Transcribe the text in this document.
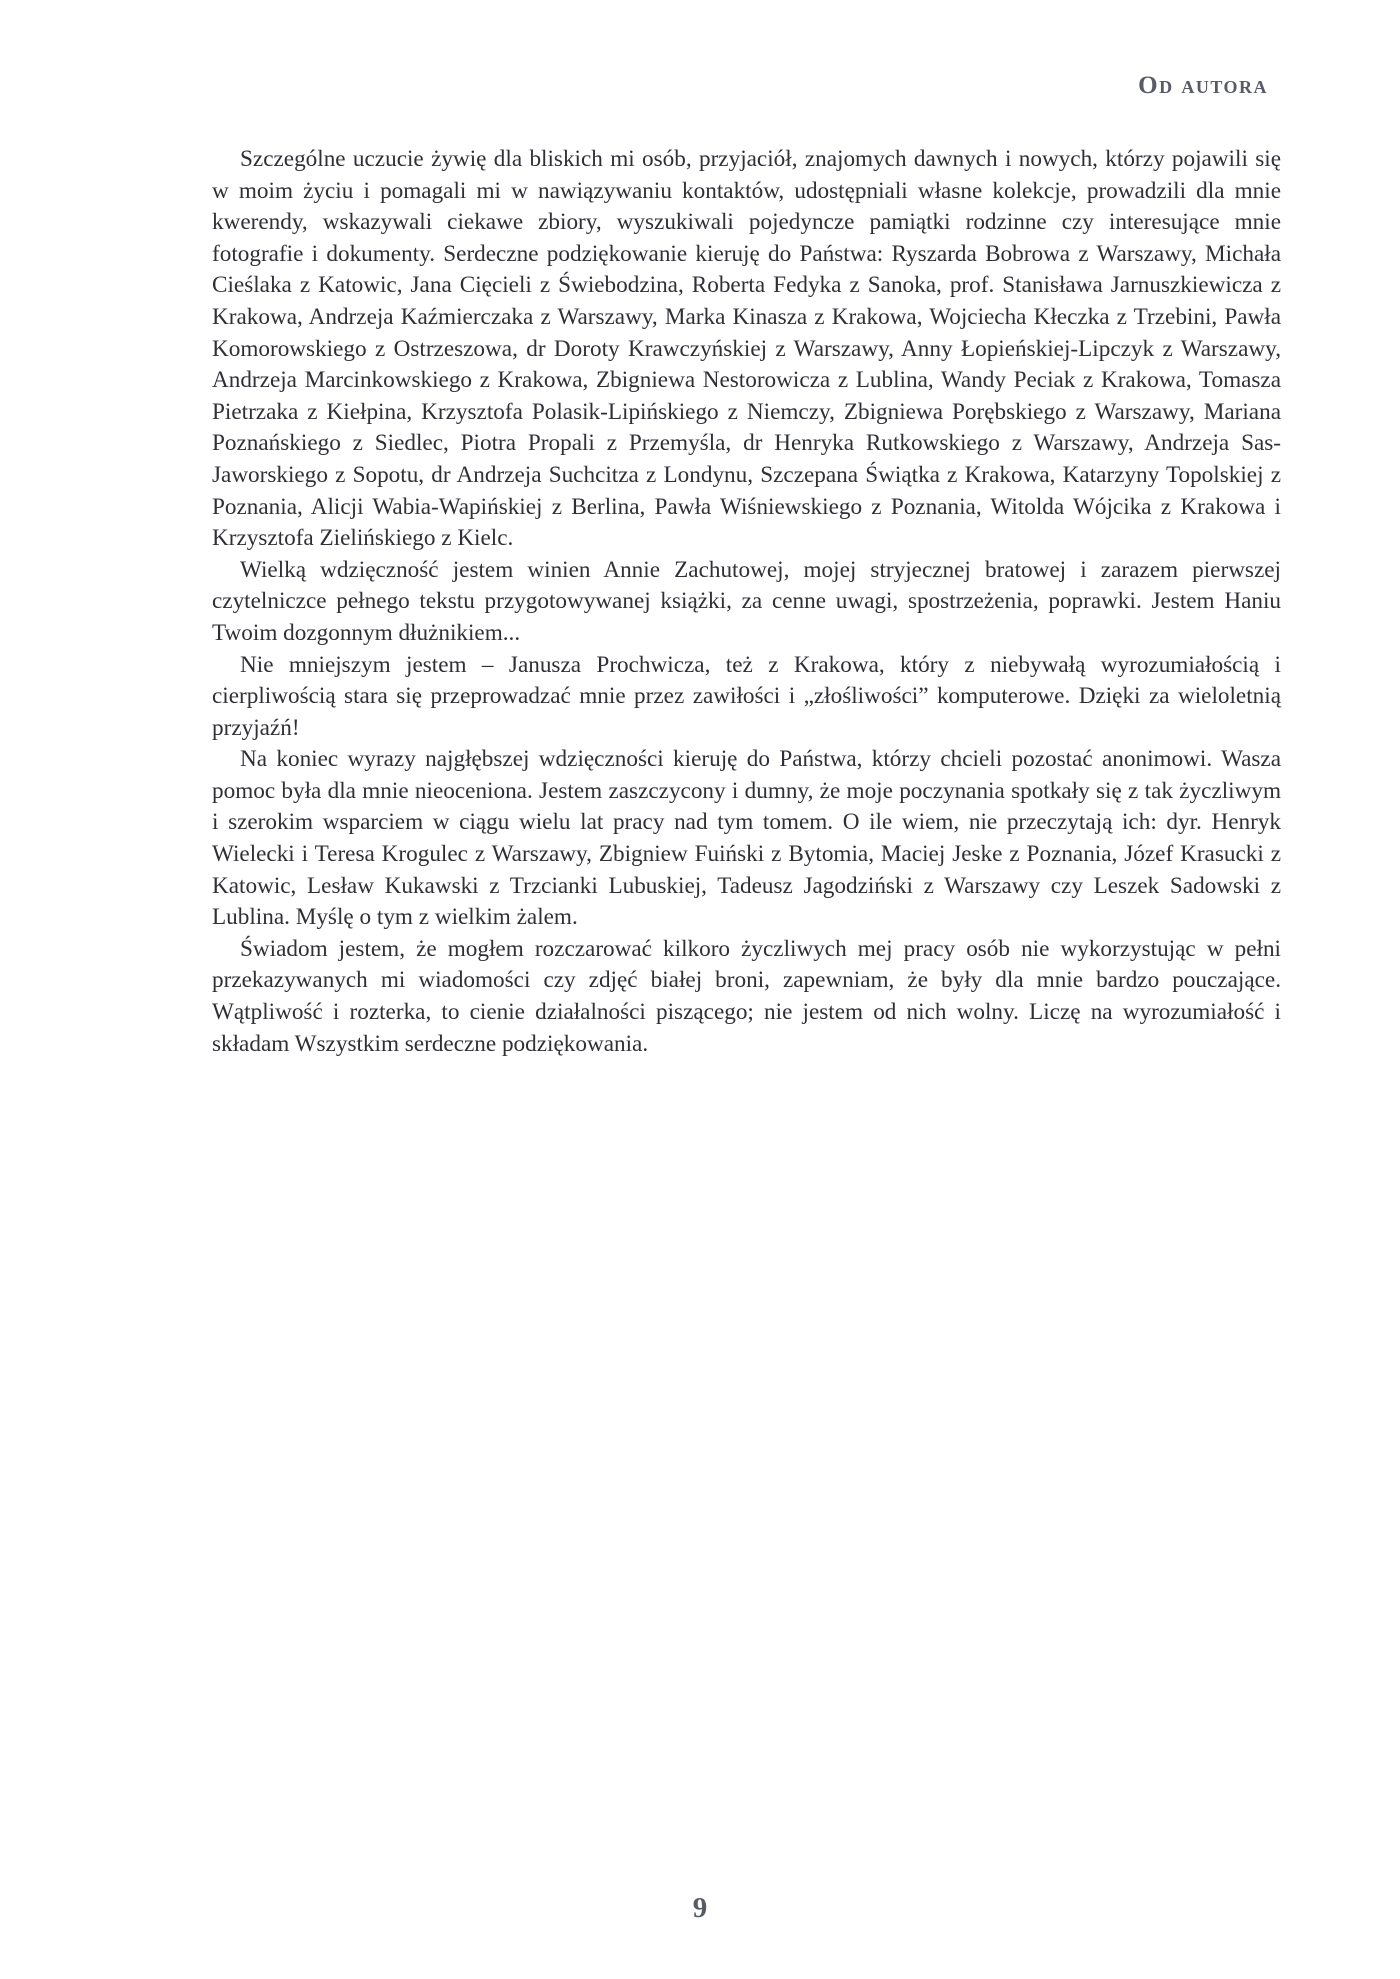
Od autora

Szczególne uczucie żywię dla bliskich mi osób, przyjaciół, znajomych dawnych i nowych, którzy pojawili się w moim życiu i pomagali mi w nawiązywaniu kontaktów, udostępniali własne kolekcje, prowadzili dla mnie kwerendy, wskazywali ciekawe zbiory, wyszukiwali pojedyncze pamiątki rodzinne czy interesujące mnie fotografie i dokumenty. Serdeczne podziękowanie kieruję do Państwa: Ryszarda Bobrowa z Warszawy, Michała Cieślaka z Katowic, Jana Cięcieli z Świebodzina, Roberta Fedyka z Sanoka, prof. Stanisława Jarnuszkiewicza z Krakowa, Andrzeja Kaźmierczaka z Warszawy, Marka Kinasza z Krakowa, Wojciecha Kłeczka z Trzebini, Pawła Komorowskiego z Ostrzeszowa, dr Doroty Krawczyńskiej z Warszawy, Anny Łopieńskiej-Lipczyk z Warszawy, Andrzeja Marcinkowskiego z Krakowa, Zbigniewa Nestorowicza z Lublina, Wandy Peciak z Krakowa, Tomasza Pietrzaka z Kiełpina, Krzysztofa Polasik-Lipińskiego z Niemczy, Zbigniewa Porębskiego z Warszawy, Mariana Poznańskiego z Siedlec, Piotra Propali z Przemyśla, dr Henryka Rutkowskiego z Warszawy, Andrzeja Sas-Jaworskiego z Sopotu, dr Andrzeja Suchcitza z Londynu, Szczepana Świątka z Krakowa, Katarzyny Topolskiej z Poznania, Alicji Wabia-Wapińskiej z Berlina, Pawła Wiśniewskiego z Poznania, Witolda Wójcika z Krakowa i Krzysztofa Zielińskiego z Kielc.

Wielką wdzięczność jestem winien Annie Zachutowej, mojej stryjecznej bratowej i zarazem pierwszej czytelniczce pełnego tekstu przygotowywanej książki, za cenne uwagi, spostrzeżenia, poprawki. Jestem Haniu Twoim dozgonnym dłużnikiem...

Nie mniejszym jestem – Janusza Prochwicza, też z Krakowa, który z niebywałą wyrozumiałością i cierpliwością stara się przeprowadzać mnie przez zawiłości i „złośliwości” komputerowe. Dzięki za wieloletnią przyjaźń!

Na koniec wyrazy najgłębszej wdzięczności kieruję do Państwa, którzy chcieli pozostać anonimowi. Wasza pomoc była dla mnie nieoceniona. Jestem zaszczycony i dumny, że moje poczynania spotkały się z tak życzliwym i szerokim wsparciem w ciągu wielu lat pracy nad tym tomem. O ile wiem, nie przeczytają ich: dyr. Henryk Wielecki i Teresa Krogulec z Warszawy, Zbigniew Fuiński z Bytomia, Maciej Jeske z Poznania, Józef Krasucki z Katowic, Lesław Kukawski z Trzcianki Lubuskiej, Tadeusz Jagodziński z Warszawy czy Leszek Sadowski z Lublina. Myślę o tym z wielkim żalem.

Świadom jestem, że mogłem rozczarować kilkoro życzliwych mej pracy osób nie wykorzystując w pełni przekazywanych mi wiadomości czy zdjęć białej broni, zapewniam, że były dla mnie bardzo pouczające. Wątpliwość i rozterka, to cienie działalności piszącego; nie jestem od nich wolny. Liczę na wyrozumiałość i składam Wszystkim serdeczne podziękowania.

9
